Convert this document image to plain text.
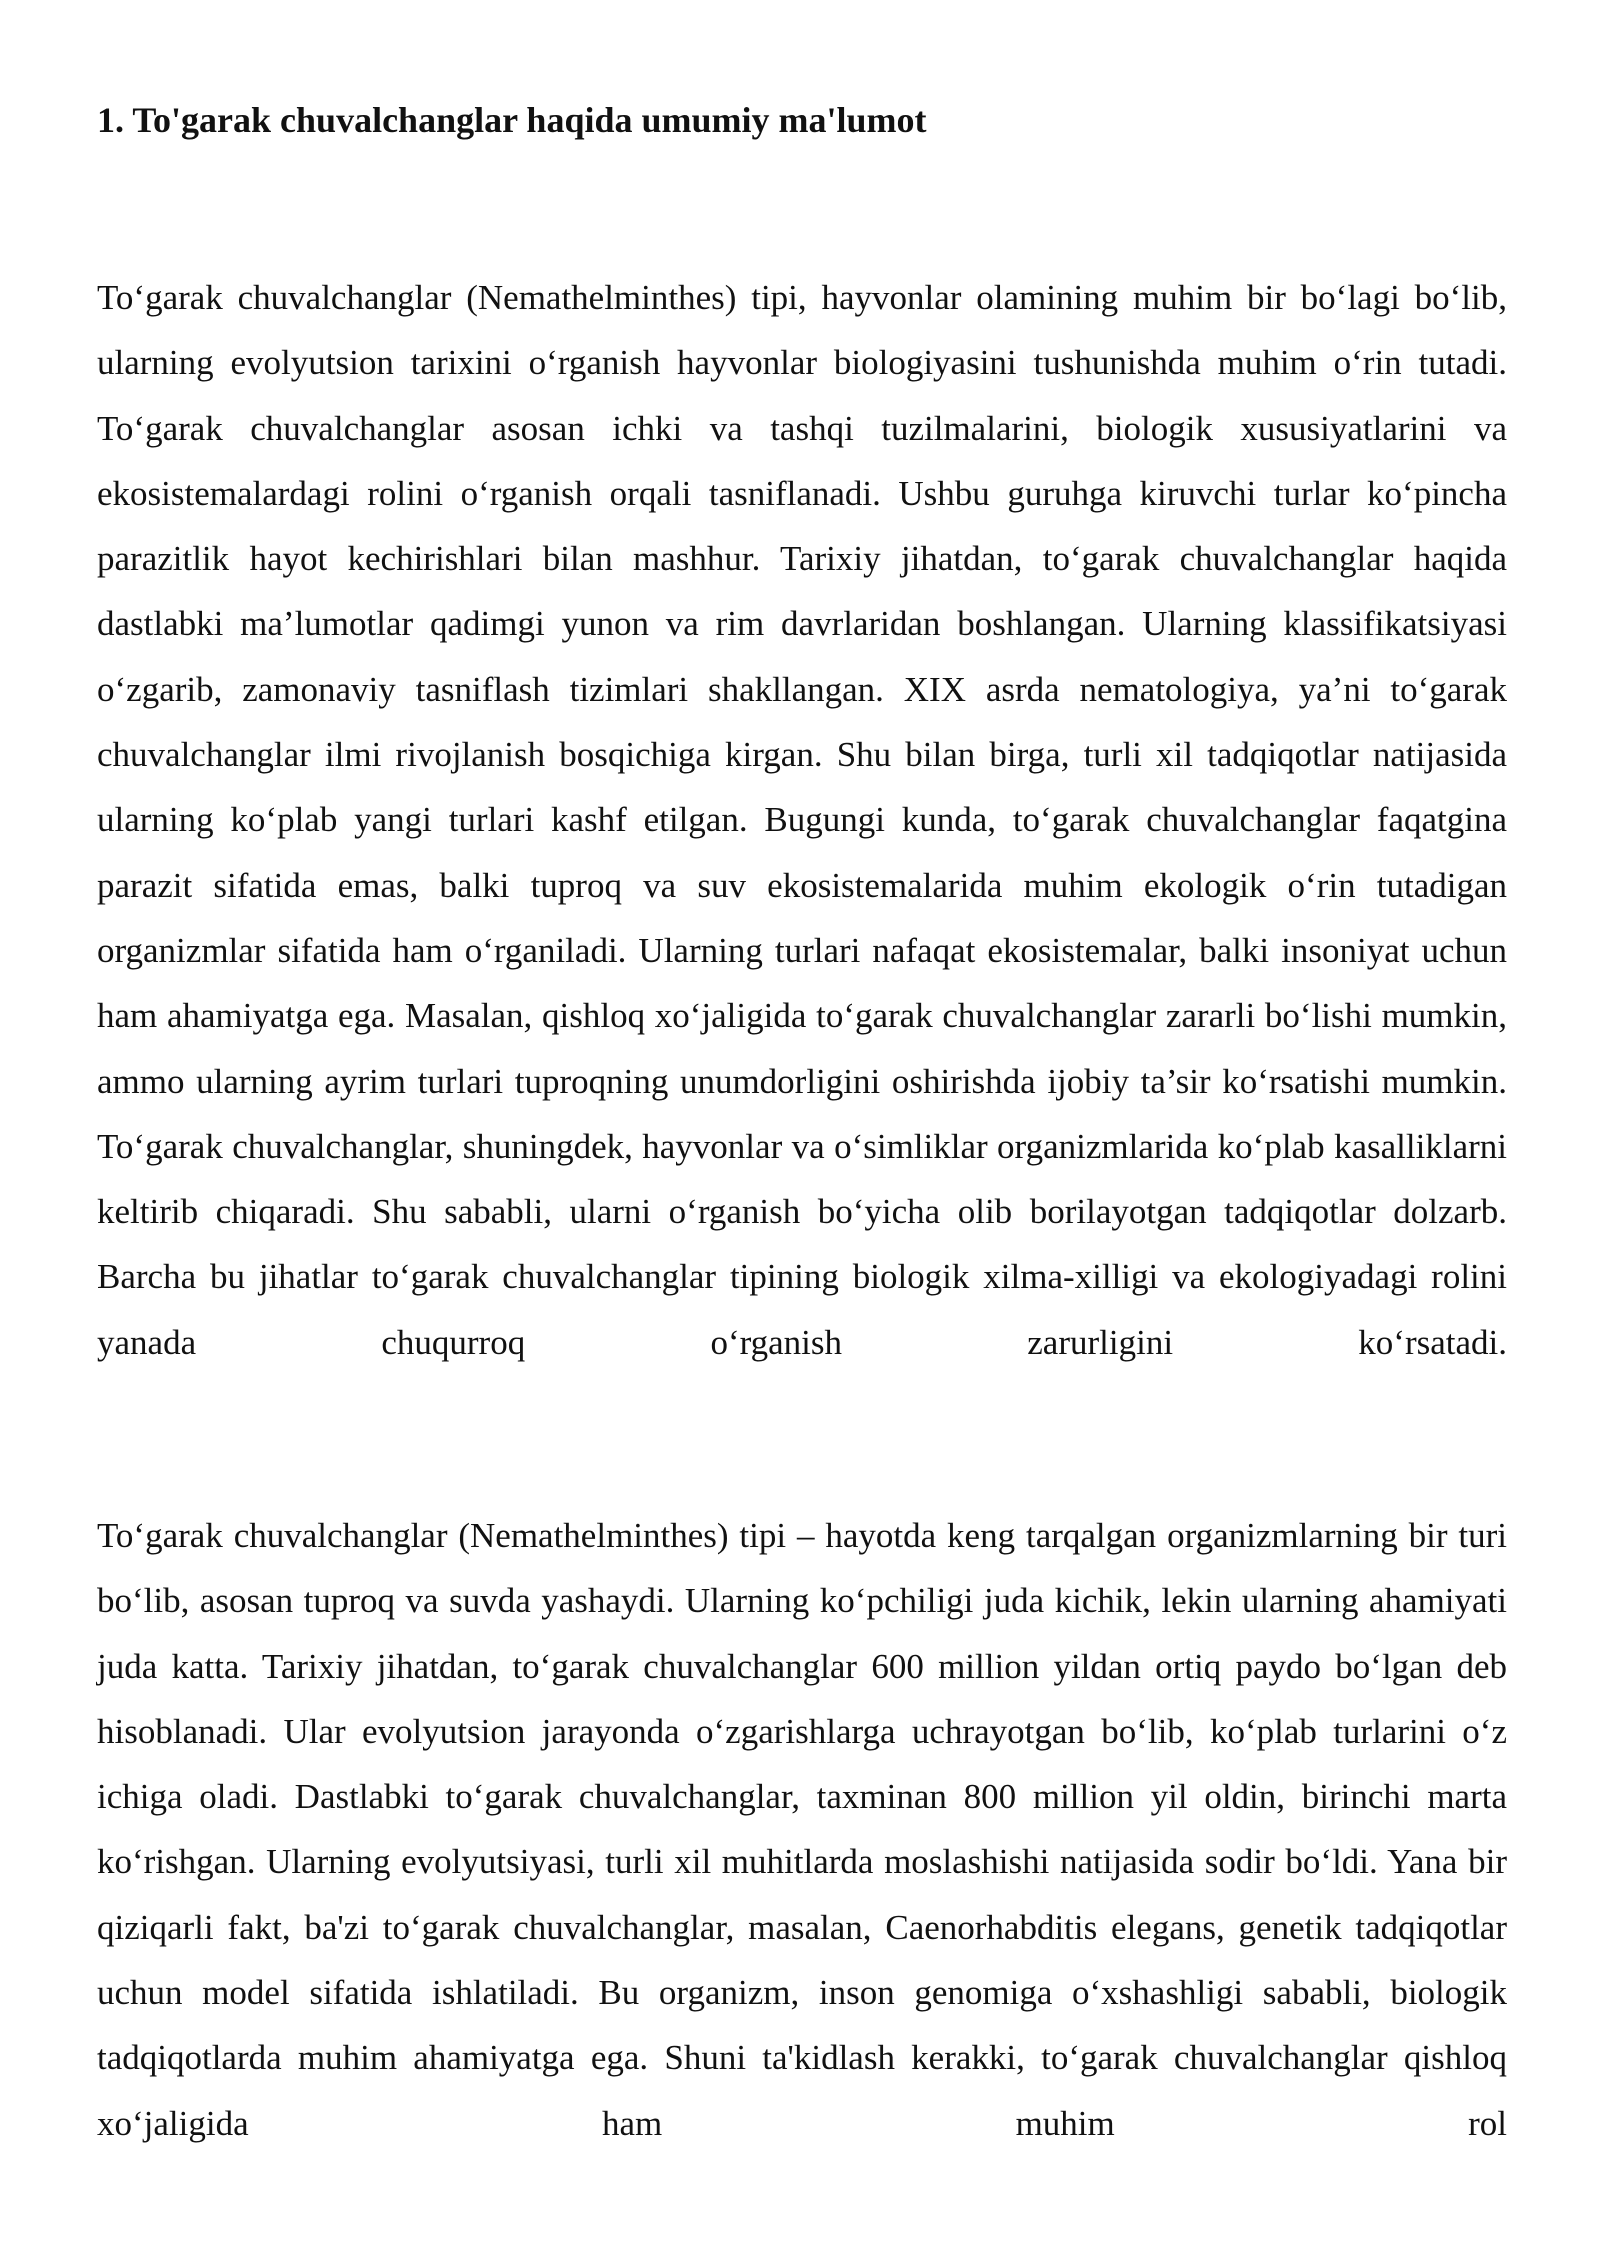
1. To'garak chuvalchanglar haqida umumiy ma'lumot

To‘garak chuvalchanglar (Nemathelminthes) tipi, hayvonlar olamining muhim bir bo‘lagi bo‘lib, ularning evolyutsion tarixini o‘rganish hayvonlar biologiyasini tushunishda muhim o‘rin tutadi. To‘garak chuvalchanglar asosan ichki va tashqi tuzilmalarini, biologik xususiyatlarini va ekosistemalardagi rolini o‘rganish orqali tasniflanadi. Ushbu guruhga kiruvchi turlar ko‘pincha parazitlik hayot kechirishlari bilan mashhur. Tarixiy jihatdan, to‘garak chuvalchanglar haqida dastlabki ma’lumotlar qadimgi yunon va rim davrlaridan boshlangan. Ularning klassifikatsiyasi o‘zgarib, zamonaviy tasniflash tizimlari shakllangan. XIX asrda nematologiya, ya’ni to‘garak chuvalchanglar ilmi rivojlanish bosqichiga kirgan. Shu bilan birga, turli xil tadqiqotlar natijasida ularning ko‘plab yangi turlari kashf etilgan. Bugungi kunda, to‘garak chuvalchanglar faqatgina parazit sifatida emas, balki tuproq va suv ekosistemalarida muhim ekologik o‘rin tutadigan organizmlar sifatida ham o‘rganiladi. Ularning turlari nafaqat ekosistemalar, balki insoniyat uchun ham ahamiyatga ega. Masalan, qishloq xo‘jaligida to‘garak chuvalchanglar zararli bo‘lishi mumkin, ammo ularning ayrim turlari tuproqning unumdorligini oshirishda ijobiy ta’sir ko‘rsatishi mumkin. To‘garak chuvalchanglar, shuningdek, hayvonlar va o‘simliklar organizmlarida ko‘plab kasalliklarni keltirib chiqaradi. Shu sababli, ularni o‘rganish bo‘yicha olib borilayotgan tadqiqotlar dolzarb. Barcha bu jihatlar to‘garak chuvalchanglar tipining biologik xilma-xilligi va ekologiyadagi rolini yanada chuqurroq o‘rganish zarurligini ko‘rsatadi.

To‘garak chuvalchanglar (Nemathelminthes) tipi – hayotda keng tarqalgan organizmlarning bir turi bo‘lib, asosan tuproq va suvda yashaydi. Ularning ko‘pchiligi juda kichik, lekin ularning ahamiyati juda katta. Tarixiy jihatdan, to‘garak chuvalchanglar 600 million yildan ortiq paydo bo‘lgan deb hisoblanadi. Ular evolyutsion jarayonda o‘zgarishlarga uchrayotgan bo‘lib, ko‘plab turlarini o‘z ichiga oladi. Dastlabki to‘garak chuvalchanglar, taxminan 800 million yil oldin, birinchi marta ko‘rishgan. Ularning evolyutsiyasi, turli xil muhitlarda moslashishi natijasida sodir bo‘ldi. Yana bir qiziqarli fakt, ba'zi to‘garak chuvalchanglar, masalan, Caenorhabditis elegans, genetik tadqiqotlar uchun model sifatida ishlatiladi. Bu organizm, inson genomiga o‘xshashligi sababli, biologik tadqiqotlarda muhim ahamiyatga ega. Shuni ta'kidlash kerakki, to‘garak chuvalchanglar qishloq xo‘jaligida ham muhim rol
